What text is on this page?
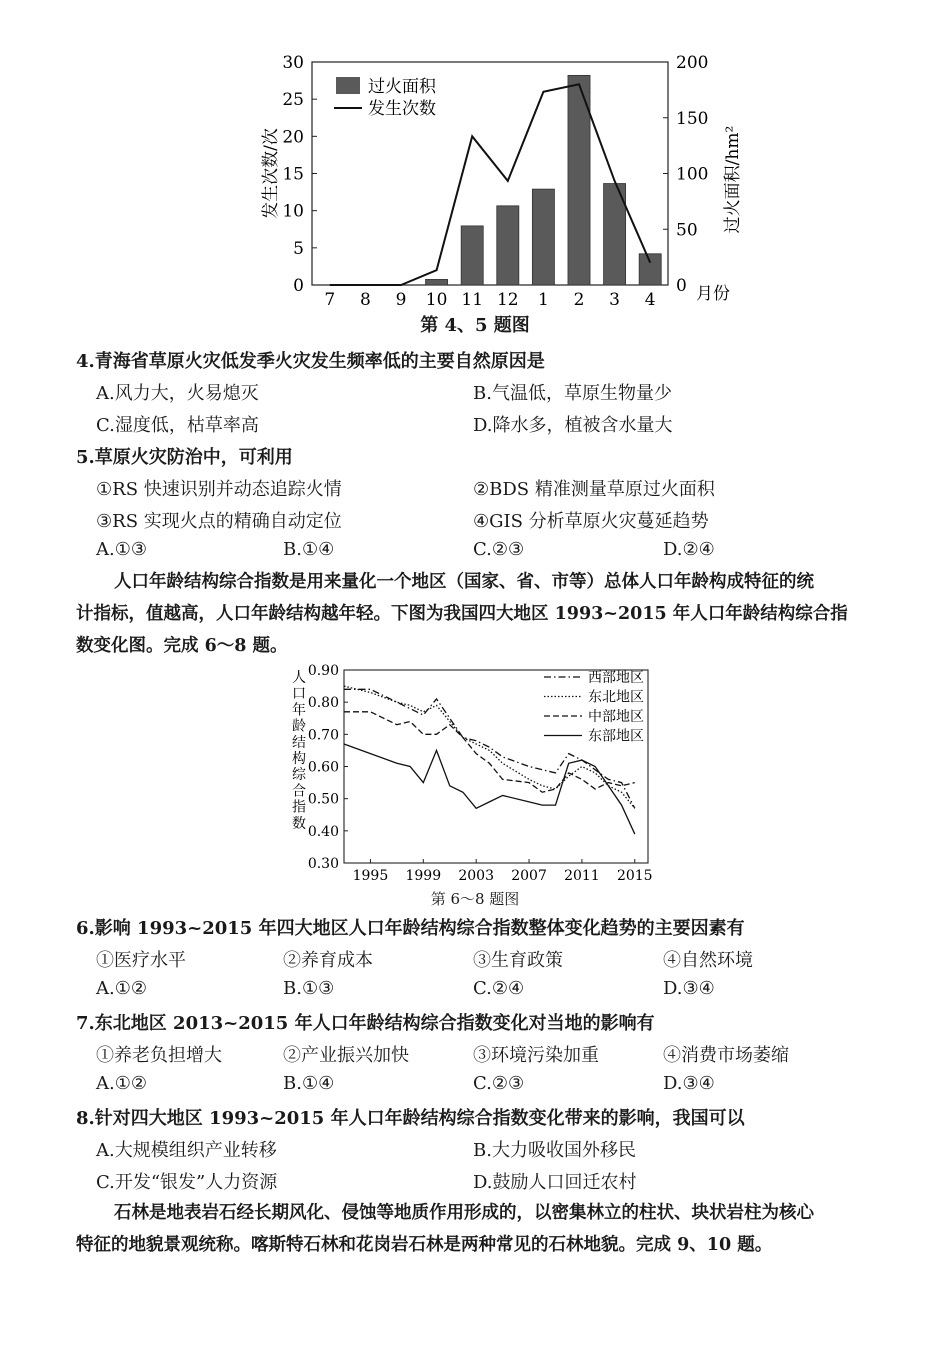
0
5
10
15
20
25
30
0
50
100
150
200
7 8 9 10 11 12 1 2 3 4 月份
发生次数/次	过火面积/hm²
过火面积
发生次数
第 4、5 题图
4.青海省草原火灾低发季火灾发生频率低的主要自然原因是
A.风力大，火易熄灭	B.气温低，草原生物量少
C.湿度低，枯草率高	D.降水多，植被含水量大
5.草原火灾防治中，可利用
①RS 快速识别并动态追踪火情	②BDS 精准测量草原过火面积
③RS 实现火点的精确自动定位	④GIS 分析草原火灾蔓延趋势
A.①③	B.①④	C.②③	D.②④
人口年龄结构综合指数是用来量化一个地区（国家、省、市等）总体人口年龄构成特征的统
计指标，值越高，人口年龄结构越年轻。下图为我国四大地区 1993~2015 年人口年龄结构综合指
数变化图。完成 6～8 题。
0.30
0.40
0.50
0.60
0.70
0.80
0.90
1995 1999 2003 2007 2011 2015
人
口
年
龄
结
构
综
合
指
数
西部地区
东北地区
中部地区
东部地区
第 6～8 题图
6.影响 1993~2015 年四大地区人口年龄结构综合指数整体变化趋势的主要因素有
①医疗水平	②养育成本	③生育政策	④自然环境
A.①②	B.①③	C.②④	D.③④
7.东北地区 2013~2015 年人口年龄结构综合指数变化对当地的影响有
①养老负担增大	②产业振兴加快	③环境污染加重	④消费市场萎缩
A.①②	B.①④	C.②③	D.③④
8.针对四大地区 1993~2015 年人口年龄结构综合指数变化带来的影响，我国可以
A.大规模组织产业转移	B.大力吸收国外移民
C.开发“银发”人力资源	D.鼓励人口回迁农村
石林是地表岩石经长期风化、侵蚀等地质作用形成的，以密集林立的柱状、块状岩柱为核心
特征的地貌景观统称。喀斯特石林和花岗岩石林是两种常见的石林地貌。完成 9、10 题。
